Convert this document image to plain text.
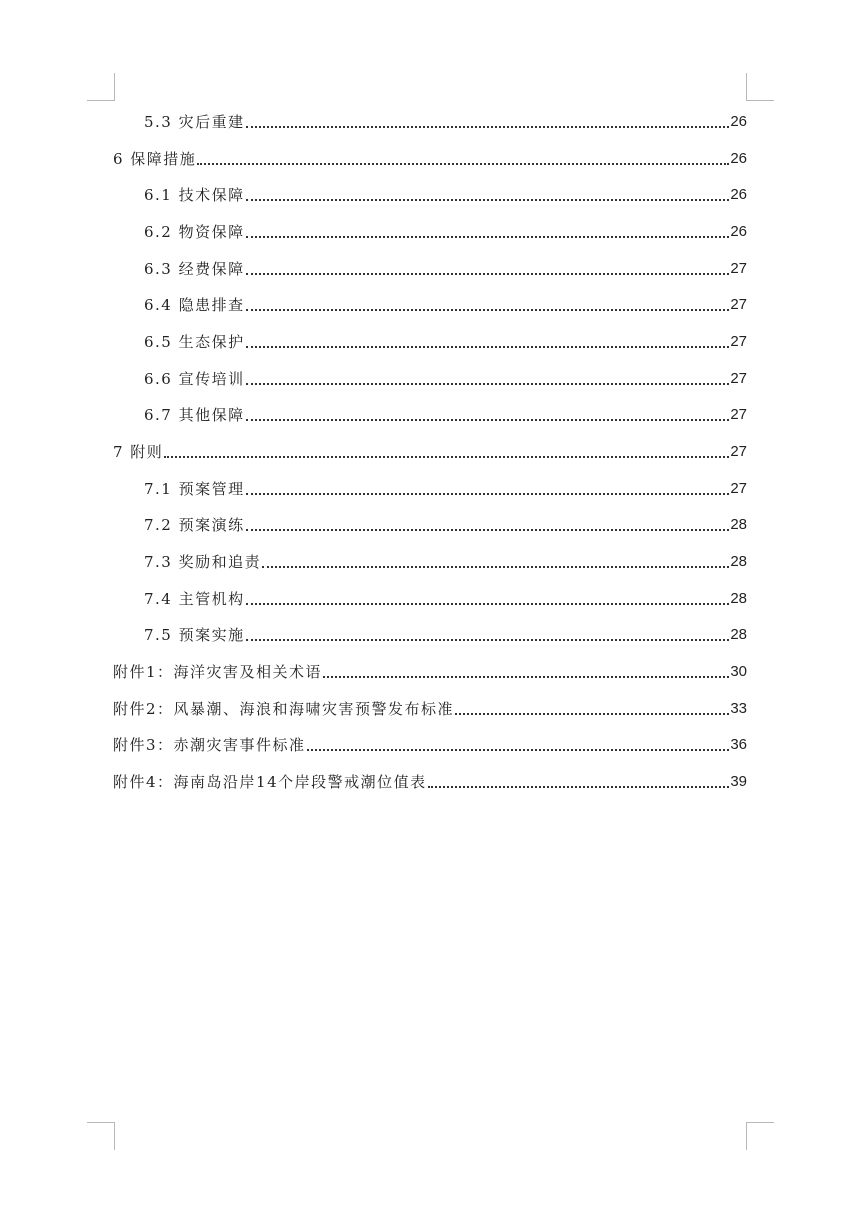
5.3 灾后重建	26
6 保障措施	26
6.1 技术保障	26
6.2 物资保障	26
6.3 经费保障	27
6.4 隐患排查	27
6.5 生态保护	27
6.6 宣传培训	27
6.7 其他保障	27
7 附则	27
7.1 预案管理	27
7.2 预案演练	28
7.3 奖励和追责	28
7.4 主管机构	28
7.5 预案实施	28
附件1：海洋灾害及相关术语	30
附件2：风暴潮、海浪和海啸灾害预警发布标准	33
附件3：赤潮灾害事件标准	36
附件4：海南岛沿岸14个岸段警戒潮位值表	39
